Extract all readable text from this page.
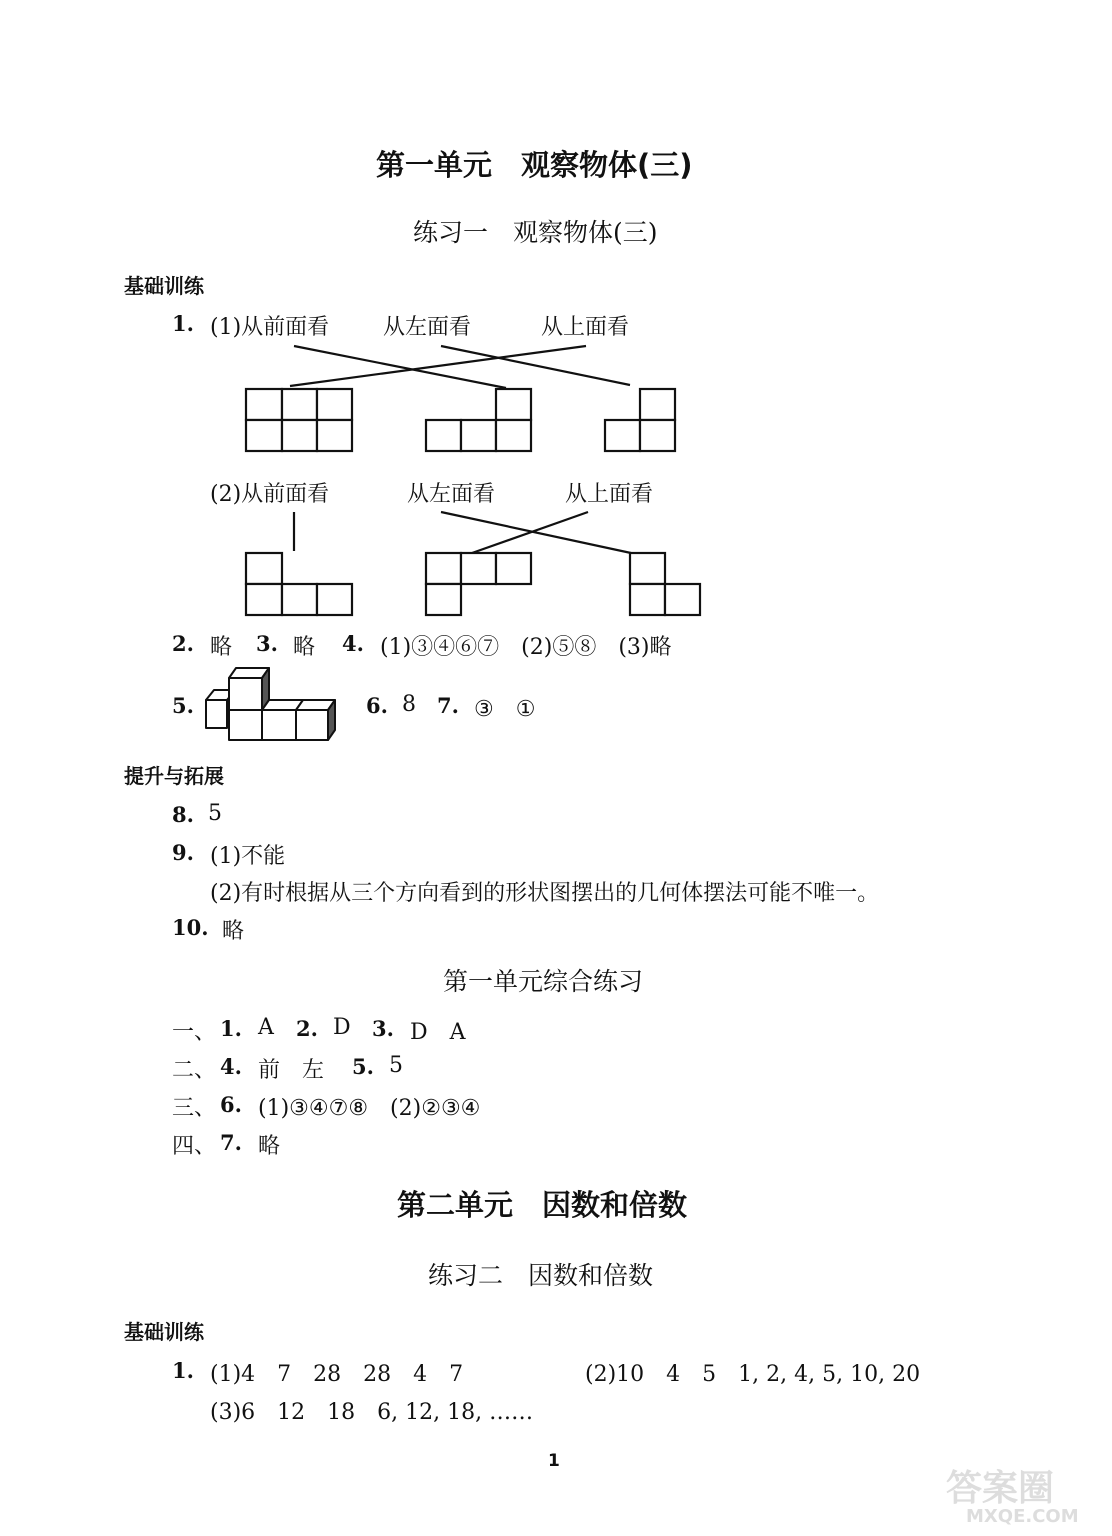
第一单元　观察物体(三)
练习一　观察物体(三)
基础训练
1. (1)从前面看 从左面看	从上面看
(2)从前面看	从左面看	从上面看
2. 略 3. 略 4. (1)③④⑥⑦　(2)⑤⑧　(3)略
5.	6. 8 7. ③　①
提升与拓展
8. 5
9. (1)不能
(2)有时根据从三个方向看到的形状图摆出的几何体摆法可能不唯一。
10. 略
第一单元综合练习
一、 1. A 2. D 3. D　A
二、 4. 前　左 5. 5
三、 6. (1)③④⑦⑧　(2)②③④
四、 7. 略
第二单元　因数和倍数
练习二　因数和倍数
基础训练
1. (1)4　7　28　28　4　7	(2)10　4　5　1, 2, 4, 5, 10, 20
(3)6　12　18　6, 12, 18, ……
1
答案圈
MXQE.COM
